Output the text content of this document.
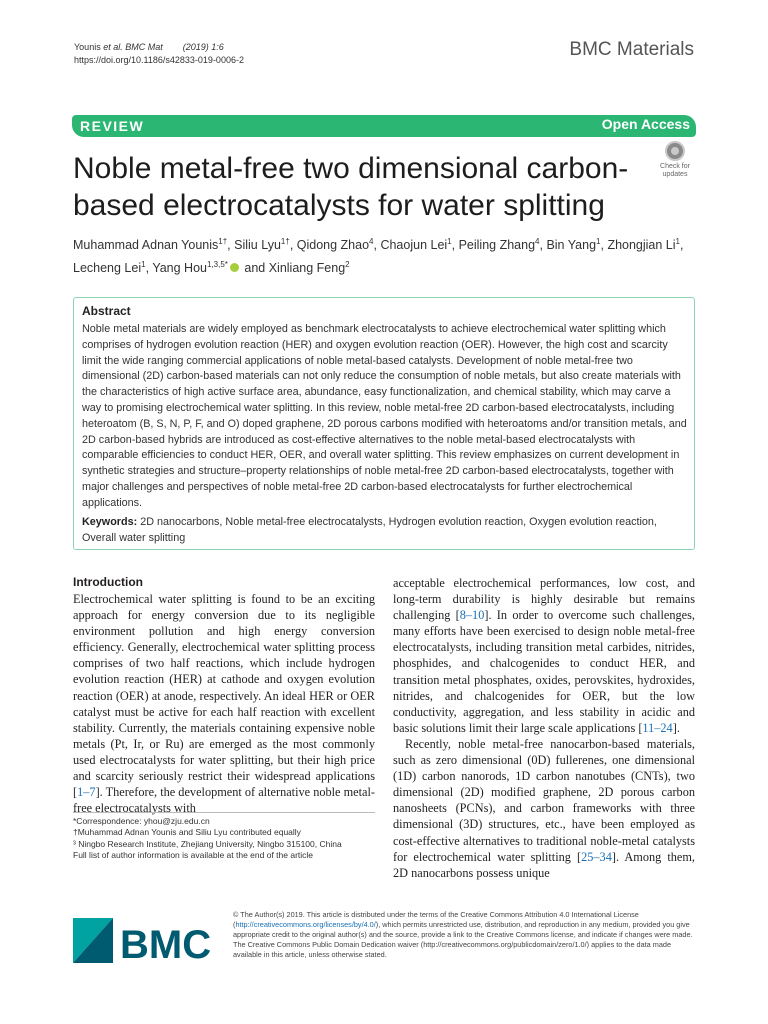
Younis et al. BMC Mat (2019) 1:6
https://doi.org/10.1186/s42833-019-0006-2	BMC Materials
REVIEW	Open Access
Noble metal-free two dimensional carbon-based electrocatalysts for water splitting
Check for
updates
Muhammad Adnan Younis$^{1\dagger}$, Siliu Lyu$^{1\dagger}$, Qidong Zhao$^4$, Chaojun Lei$^1$, Peiling Zhang$^4$, Bin Yang$^1$, Zhongjian Li$^1$,
Lecheng Lei$^1$, Yang Hou$^{1,3,5*}$ and Xinliang Feng$^2$
Abstract
Noble metal materials are widely employed as benchmark electrocatalysts to achieve electrochemical water splitting which comprises of hydrogen evolution reaction (HER) and oxygen evolution reaction (OER). However, the high cost and scarcity limit the wide ranging commercial applications of noble metal-based catalysts. Development of noble metal-free two dimensional (2D) carbon-based materials can not only reduce the consumption of noble metals, but also create materials with the characteristics of high active surface area, abundance, easy functionalization, and chemical stability, which may carve a way to promising electrochemical water splitting. In this review, noble metal-free 2D carbon-based electrocatalysts, including heteroatom (B, S, N, P, F, and O) doped graphene, 2D porous carbons modified with heteroatoms and/or transition metals, and 2D carbon-based hybrids are introduced as cost-effective alternatives to the noble metal-based electrocatalysts with comparable efficiencies to conduct HER, OER, and overall water splitting. This review emphasizes on current development in synthetic strategies and structure–property relationships of noble metal-free 2D carbon-based electrocatalysts, together with major challenges and perspectives of noble metal-free 2D carbon-based electrocatalysts for further electrochemical applications.
Keywords: 2D nanocarbons, Noble metal-free electrocatalysts, Hydrogen evolution reaction, Oxygen evolution reaction, Overall water splitting
Introduction

Electrochemical water splitting is found to be an exciting approach for energy conversion due to its negligible environment pollution and high energy conversion efficiency. Generally, electrochemical water splitting process comprises of two half reactions, which include hydrogen evolution reaction (HER) at cathode and oxygen evolution reaction (OER) at anode, respectively. An ideal HER or OER catalyst must be active for each half reaction with excellent stability. Currently, the materials containing expensive noble metals (Pt, Ir, or Ru) are emerged as the most commonly used electrocatalysts for water splitting, but their high price and scarcity seriously restrict their widespread applications [1–7]. Therefore, the development of alternative noble metal-free electrocatalysts with

acceptable electrochemical performances, low cost, and long-term durability is highly desirable but remains challenging [8–10]. In order to overcome such challenges, many efforts have been exercised to design noble metal-free electrocatalysts, including transition metal carbides, nitrides, phosphides, and chalcogenides to conduct HER, and transition metal phosphates, oxides, perovskites, hydroxides, nitrides, and chalcogenides for OER, but the low conductivity, aggregation, and less stability in acidic and basic solutions limit their large scale applications [11–24].

Recently, noble metal-free nanocarbon-based materials, such as zero dimensional (0D) fullerenes, one dimensional (1D) carbon nanorods, 1D carbon nanotubes (CNTs), two dimensional (2D) modified graphene, 2D porous carbon nanosheets (PCNs), and carbon frameworks with three dimensional (3D) structures, etc., have been employed as cost-effective alternatives to traditional noble-metal catalysts for electrochemical water splitting [25–34]. Among them, 2D nanocarbons possess unique

*Correspondence: yhou@zju.edu.cn
†Muhammad Adnan Younis and Siliu Lyu contributed equally
³ Ningbo Research Institute, Zhejiang University, Ningbo 315100, China
Full list of author information is available at the end of the article
BMC
© The Author(s) 2019. This article is distributed under the terms of the Creative Commons Attribution 4.0 International License (http://creativecommons.org/licenses/by/4.0/), which permits unrestricted use, distribution, and reproduction in any medium, provided you give appropriate credit to the original author(s) and the source, provide a link to the Creative Commons license, and indicate if changes were made. The Creative Commons Public Domain Dedication waiver (http://creativecommons.org/publicdomain/zero/1.0/) applies to the data made available in this article, unless otherwise stated.
